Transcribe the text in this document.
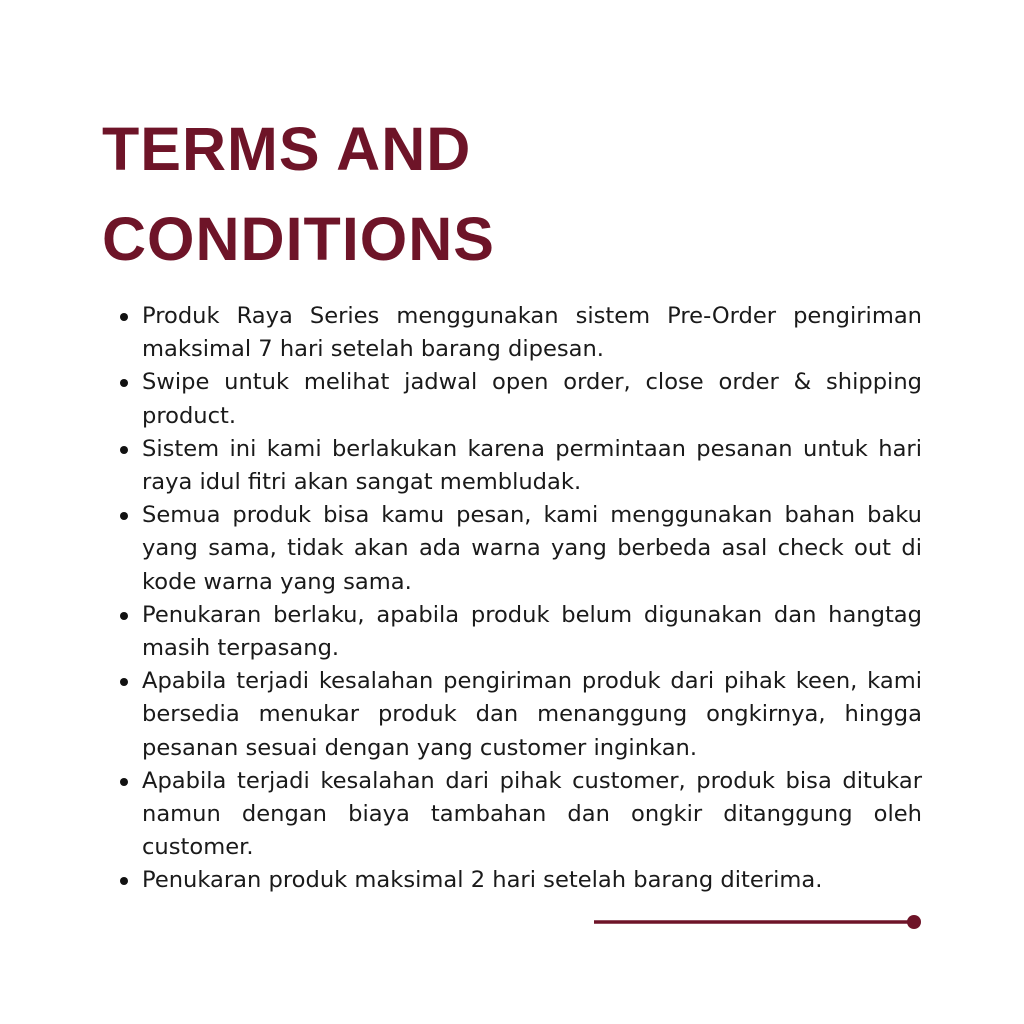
TERMS AND
CONDITIONS
Produk Raya Series menggunakan sistem Pre-Order pengiriman maksimal 7 hari setelah barang dipesan.
Swipe untuk melihat jadwal open order, close order & shipping product.
Sistem ini kami berlakukan karena permintaan pesanan untuk hari raya idul fitri akan sangat membludak.
Semua produk bisa kamu pesan, kami menggunakan bahan baku yang sama, tidak akan ada warna yang berbeda asal check out di kode warna yang sama.
Penukaran berlaku, apabila produk belum digunakan dan hangtag masih terpasang.
Apabila terjadi kesalahan pengiriman produk dari pihak keen, kami bersedia menukar produk dan menanggung ongkirnya, hingga pesanan sesuai dengan yang customer inginkan.
Apabila terjadi kesalahan dari pihak customer, produk bisa ditukar namun dengan biaya tambahan dan ongkir ditanggung oleh customer.
Penukaran produk maksimal 2 hari setelah barang diterima.
